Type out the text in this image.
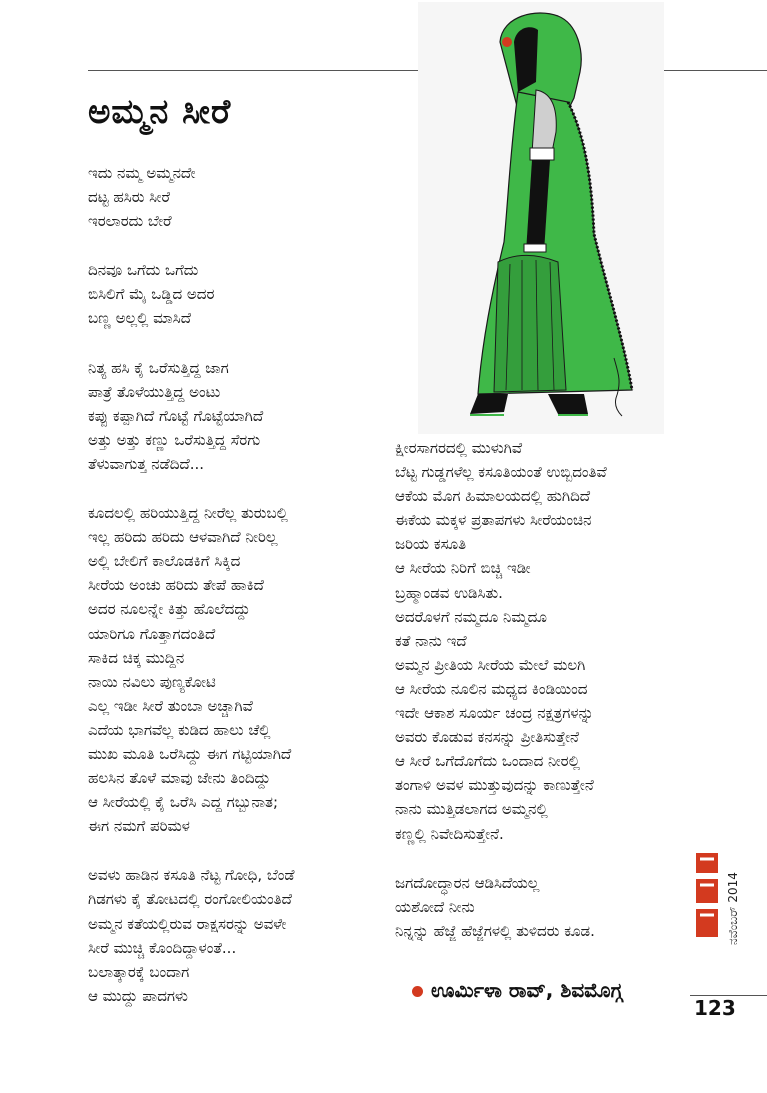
ಅಮ್ಮನ ಸೀರೆ
ಇದು ನಮ್ಮ ಅಮ್ಮನದೇ
ದಟ್ಟ ಹಸಿರು ಸೀರೆ
ಇರಲಾರದು ಬೇರೆ
ದಿನವೂ ಒಗೆದು ಒಗೆದು
ಬಿಸಿಲಿಗೆ ಮೈ ಒಡ್ಡಿದ ಅದರ
ಬಣ್ಣ ಅಲ್ಲಲ್ಲಿ ಮಾಸಿದೆ
ನಿತ್ಯ ಹಸಿ ಕೈ ಒರೆಸುತ್ತಿದ್ದ ಜಾಗ
ಪಾತ್ರೆ ತೊಳೆಯುತ್ತಿದ್ದ ಅಂಟು
ಕಪ್ಪು ಕಪ್ಪಾಗಿದೆ ಗೊಟ್ಟೆ ಗೊಟ್ಟೆಯಾಗಿದೆ
ಅತ್ತು ಅತ್ತು ಕಣ್ಣು ಒರೆಸುತ್ತಿದ್ದ ಸೆರಗು
ತೆಳುವಾಗುತ್ತ ನಡೆದಿದೆ...
ಕೂದಲಲ್ಲಿ ಹರಿಯುತ್ತಿದ್ದ ನೀರೆಲ್ಲ ತುರುಬಲ್ಲಿ
ಇಲ್ಲ ಹರಿದು ಹರಿದು ಆಳವಾಗಿದೆ ನೀರಿಲ್ಲ
ಅಲ್ಲಿ ಬೇಲಿಗೆ ಕಾಲೊಡಕಿಗೆ ಸಿಕ್ಕಿದ
ಸೀರೆಯ ಅಂಚು ಹರಿದು ತೇಪೆ ಹಾಕಿದೆ
ಅದರ ನೂಲನ್ನೇ ಕಿತ್ತು ಹೊಲೆದದ್ದು
ಯಾರಿಗೂ ಗೊತ್ತಾಗದಂತಿದೆ
ಸಾಕಿದ ಚಿಕ್ಕ ಮುದ್ದಿನ
ನಾಯಿ ನವಿಲು ಪುಣ್ಯಕೋಟಿ
ಎಲ್ಲ ಇಡೀ ಸೀರೆ ತುಂಬಾ ಅಚ್ಚಾಗಿವೆ
ಎದೆಯ ಭಾಗವೆಲ್ಲ ಕುಡಿದ ಹಾಲು ಚೆಲ್ಲಿ
ಮುಖ ಮೂತಿ ಒರೆಸಿದ್ದು ಈಗ ಗಟ್ಟಿಯಾಗಿದೆ
ಹಲಸಿನ ತೊಳೆ ಮಾವು ಜೇನು ತಿಂದಿದ್ದು
ಆ ಸೀರೆಯಲ್ಲಿ ಕೈ ಒರೆಸಿ ಎದ್ದ ಗಬ್ಬುನಾತ;
ಈಗ ನಮಗೆ ಪರಿಮಳ
ಅವಳು ಹಾಡಿನ ಕಸೂತಿ ನೆಟ್ಟ ಗೋಧಿ, ಬೆಂಡೆ
ಗಿಡಗಳು ಕೈ ತೋಟದಲ್ಲಿ ರಂಗೋಲಿಯಂತಿದೆ
ಅಮ್ಮನ ಕತೆಯಲ್ಲಿರುವ ರಾಕ್ಷಸರನ್ನು ಅವಳೇ
ಸೀರೆ ಮುಚ್ಚಿ ಕೊಂದಿದ್ದಾಳಂತೆ...
ಬಲಾತ್ಕಾರಕ್ಕೆ ಬಂದಾಗ
ಆ ಮುದ್ದು ಪಾದಗಳು
ಕ್ಷೀರಸಾಗರದಲ್ಲಿ ಮುಳುಗಿವೆ
ಬೆಟ್ಟ ಗುಡ್ಡಗಳೆಲ್ಲ ಕಸೂತಿಯಂತೆ ಉಬ್ಬಿದಂತಿವೆ
ಆಕೆಯ ಮೊಗ ಹಿಮಾಲಯದಲ್ಲಿ ಹುಗಿದಿದೆ
ಈಕೆಯ ಮಕ್ಕಳ ಪ್ರತಾಪಗಳು ಸೀರೆಯಂಚಿನ
ಜರಿಯ ಕಸೂತಿ
ಆ ಸೀರೆಯ ನಿರಿಗೆ ಬಿಚ್ಚಿ ಇಡೀ
ಬ್ರಹ್ಮಾಂಡವ ಉಡಿಸಿತು.
ಅದರೊಳಗೆ ನಮ್ಮದೂ ನಿಮ್ಮದೂ
ಕತೆ ನಾನು ಇದೆ
ಅಮ್ಮನ ಪ್ರೀತಿಯ ಸೀರೆಯ ಮೇಲೆ ಮಲಗಿ
ಆ ಸೀರೆಯ ನೂಲಿನ ಮಧ್ಯದ ಕಿಂಡಿಯಿಂದ
ಇದೇ ಆಕಾಶ ಸೂರ್ಯ ಚಂದ್ರ ನಕ್ಷತ್ರಗಳನ್ನು
ಅವರು ಕೊಡುವ ಕನಸನ್ನು ಪ್ರೀತಿಸುತ್ತೇನೆ
ಆ ಸೀರೆ ಒಗೆದೊಗೆದು ಒಂದಾದ ನೀರಲ್ಲಿ
ತಂಗಾಳಿ ಅವಳ ಮುತ್ತುವುದನ್ನು ಕಾಣುತ್ತೇನೆ
ನಾನು ಮುತ್ತಿಡಲಾಗದ ಅಮ್ಮನಲ್ಲಿ
ಕಣ್ಣಲ್ಲಿ ನಿವೇದಿಸುತ್ತೇನೆ.
ಜಗದೋದ್ಧಾರನ ಆಡಿಸಿದೆಯಲ್ಲ
ಯಶೋದೆ ನೀನು
ನಿನ್ನನ್ನು ಹೆಜ್ಜೆ ಹೆಜ್ಜೆಗಳಲ್ಲಿ ತುಳಿದರು ಕೂಡ.
ಊರ್ಮಿಳಾ ರಾವ್, ಶಿವಮೊಗ್ಗ
ನವೆಂಬರ್ 2014
123
